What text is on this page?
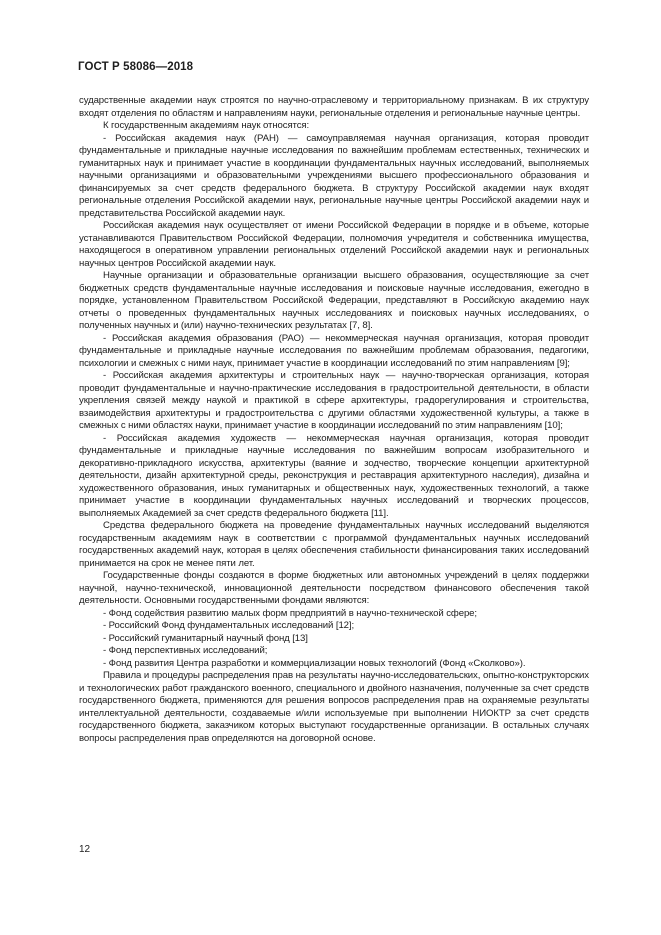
ГОСТ Р 58086—2018

сударственные академии наук строятся по научно-отраслевому и территориальному признакам. В их структуру входят отделения по областям и направлениям науки, региональные отделения и региональные научные центры.

К государственным академиям наук относятся:

- Российская академия наук (РАН) — самоуправляемая научная организация, которая проводит фундаментальные и прикладные научные исследования по важнейшим проблемам естественных, технических и гуманитарных наук и принимает участие в координации фундаментальных научных исследований, выполняемых научными организациями и образовательными учреждениями высшего профессионального образования и финансируемых за счет средств федерального бюджета. В структуру Российской академии наук входят региональные отделения Российской академии наук, региональные научные центры Российской академии наук и представительства Российской академии наук.

Российская академия наук осуществляет от имени Российской Федерации в порядке и в объеме, которые устанавливаются Правительством Российской Федерации, полномочия учредителя и собственника имущества, находящегося в оперативном управлении региональных отделений Российской академии наук и региональных научных центров Российской академии наук.

Научные организации и образовательные организации высшего образования, осуществляющие за счет бюджетных средств фундаментальные научные исследования и поисковые научные исследования, ежегодно в порядке, установленном Правительством Российской Федерации, представляют в Российскую академию наук отчеты о проведенных фундаментальных научных исследованиях и поисковых научных исследованиях, о полученных научных и (или) научно-технических результатах [7, 8].

- Российская академия образования (РАО) — некоммерческая научная организация, которая проводит фундаментальные и прикладные научные исследования по важнейшим проблемам образования, педагогики, психологии и смежных с ними наук, принимает участие в координации исследований по этим направлениям [9];

- Российская академия архитектуры и строительных наук — научно-творческая организация, которая проводит фундаментальные и научно-практические исследования в градостроительной деятельности, в области укрепления связей между наукой и практикой в сфере архитектуры, градорегулирования и строительства, взаимодействия архитектуры и градостроительства с другими областями художественной культуры, а также в смежных с ними областях науки, принимает участие в координации исследований по этим направлениям [10];

- Российская академия художеств — некоммерческая научная организация, которая проводит фундаментальные и прикладные научные исследования по важнейшим вопросам изобразительного и декоративно-прикладного искусства, архитектуры (ваяние и зодчество, творческие концепции архитектурной деятельности, дизайн архитектурной среды, реконструкция и реставрация архитектурного наследия), дизайна и художественного образования, иных гуманитарных и общественных наук, художественных технологий, а также принимает участие в координации фундаментальных научных исследований и творческих процессов, выполняемых Академией за счет средств федерального бюджета [11].

Средства федерального бюджета на проведение фундаментальных научных исследований выделяются государственным академиям наук в соответствии с программой фундаментальных научных исследований государственных академий наук, которая в целях обеспечения стабильности финансирования таких исследований принимается на срок не менее пяти лет.

Государственные фонды создаются в форме бюджетных или автономных учреждений в целях поддержки научной, научно-технической, инновационной деятельности посредством финансового обеспечения такой деятельности. Основными государственными фондами являются:

- Фонд содействия развитию малых форм предприятий в научно-технической сфере;

- Российский Фонд фундаментальных исследований [12];

- Российский гуманитарный научный фонд [13]

- Фонд перспективных исследований;

- Фонд развития Центра разработки и коммерциализации новых технологий (Фонд «Сколково»).

Правила и процедуры распределения прав на результаты научно-исследовательских, опытно-конструкторских и технологических работ гражданского военного, специального и двойного назначения, полученные за счет средств государственного бюджета, применяются для решения вопросов распределения прав на охраняемые результаты интеллектуальной деятельности, создаваемые и/или используемые при выполнении НИОКТР за счет средств государственного бюджета, заказчиком которых выступают государственные организации. В остальных случаях вопросы распределения прав определяются на договорной основе.

12
